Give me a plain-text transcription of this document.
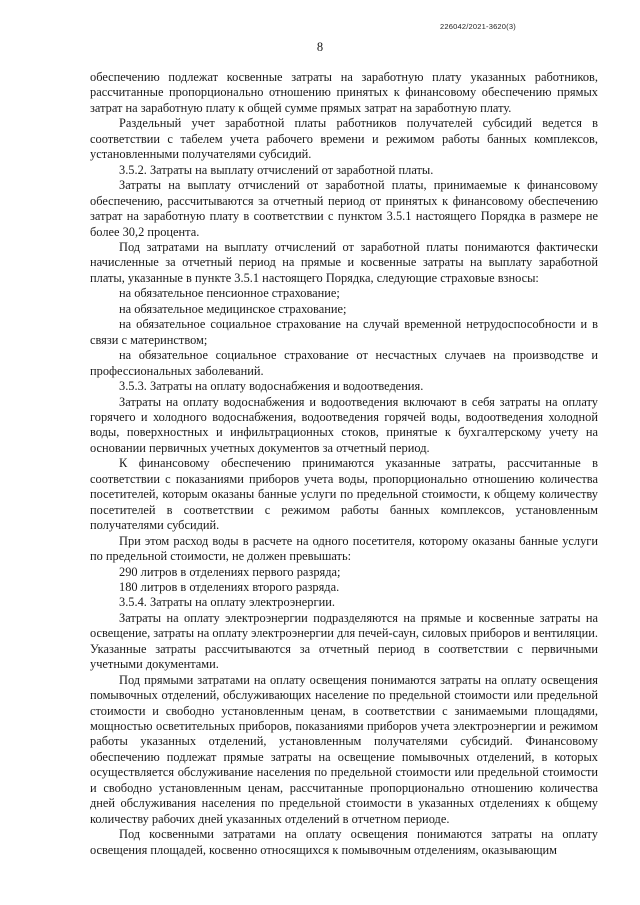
226042/2021-3620(3)
8

обеспечению подлежат косвенные затраты на заработную плату указанных работников, рассчитанные пропорционально отношению принятых к финансовому обеспечению прямых затрат на заработную плату к общей сумме прямых затрат на заработную плату.

Раздельный учет заработной платы работников получателей субсидий ведется в соответствии с табелем учета рабочего времени и режимом работы банных комплексов, установленными получателями субсидий.

3.5.2. Затраты на выплату отчислений от заработной платы.

Затраты на выплату отчислений от заработной платы, принимаемые к финансовому обеспечению, рассчитываются за отчетный период от принятых к финансовому обеспечению затрат на заработную плату в соответствии с пунктом 3.5.1 настоящего Порядка в размере не более 30,2 процента.

Под затратами на выплату отчислений от заработной платы понимаются фактически начисленные за отчетный период на прямые и косвенные затраты на выплату заработной платы, указанные в пункте 3.5.1 настоящего Порядка, следующие страховые взносы:

на обязательное пенсионное страхование;

на обязательное медицинское страхование;

на обязательное социальное страхование на случай временной нетрудоспособности и в связи с материнством;

на обязательное социальное страхование от несчастных случаев на производстве и профессиональных заболеваний.

3.5.3. Затраты на оплату водоснабжения и водоотведения.

Затраты на оплату водоснабжения и водоотведения включают в себя затраты на оплату горячего и холодного водоснабжения, водоотведения горячей воды, водоотведения холодной воды, поверхностных и инфильтрационных стоков, принятые к бухгалтерскому учету на основании первичных учетных документов за отчетный период.

К финансовому обеспечению принимаются указанные затраты, рассчитанные в соответствии с показаниями приборов учета воды, пропорционально отношению количества посетителей, которым оказаны банные услуги по предельной стоимости, к общему количеству посетителей в соответствии с режимом работы банных комплексов, установленным получателями субсидий.

При этом расход воды в расчете на одного посетителя, которому оказаны банные услуги по предельной стоимости, не должен превышать:

290 литров в отделениях первого разряда;

180 литров в отделениях второго разряда.

3.5.4. Затраты на оплату электроэнергии.

Затраты на оплату электроэнергии подразделяются на прямые и косвенные затраты на освещение, затраты на оплату электроэнергии для печей-саун, силовых приборов и вентиляции. Указанные затраты рассчитываются за отчетный период в соответствии с первичными учетными документами.

Под прямыми затратами на оплату освещения понимаются затраты на оплату освещения помывочных отделений, обслуживающих население по предельной стоимости или предельной стоимости и свободно установленным ценам, в соответствии с занимаемыми площадями, мощностью осветительных приборов, показаниями приборов учета электроэнергии и режимом работы указанных отделений, установленным получателями субсидий. Финансовому обеспечению подлежат прямые затраты на освещение помывочных отделений, в которых осуществляется обслуживание населения по предельной стоимости или предельной стоимости и свободно установленным ценам, рассчитанные пропорционально отношению количества дней обслуживания населения по предельной стоимости в указанных отделениях к общему количеству рабочих дней указанных отделений в отчетном периоде.

Под косвенными затратами на оплату освещения понимаются затраты на оплату освещения площадей, косвенно относящихся к помывочным отделениям, оказывающим
